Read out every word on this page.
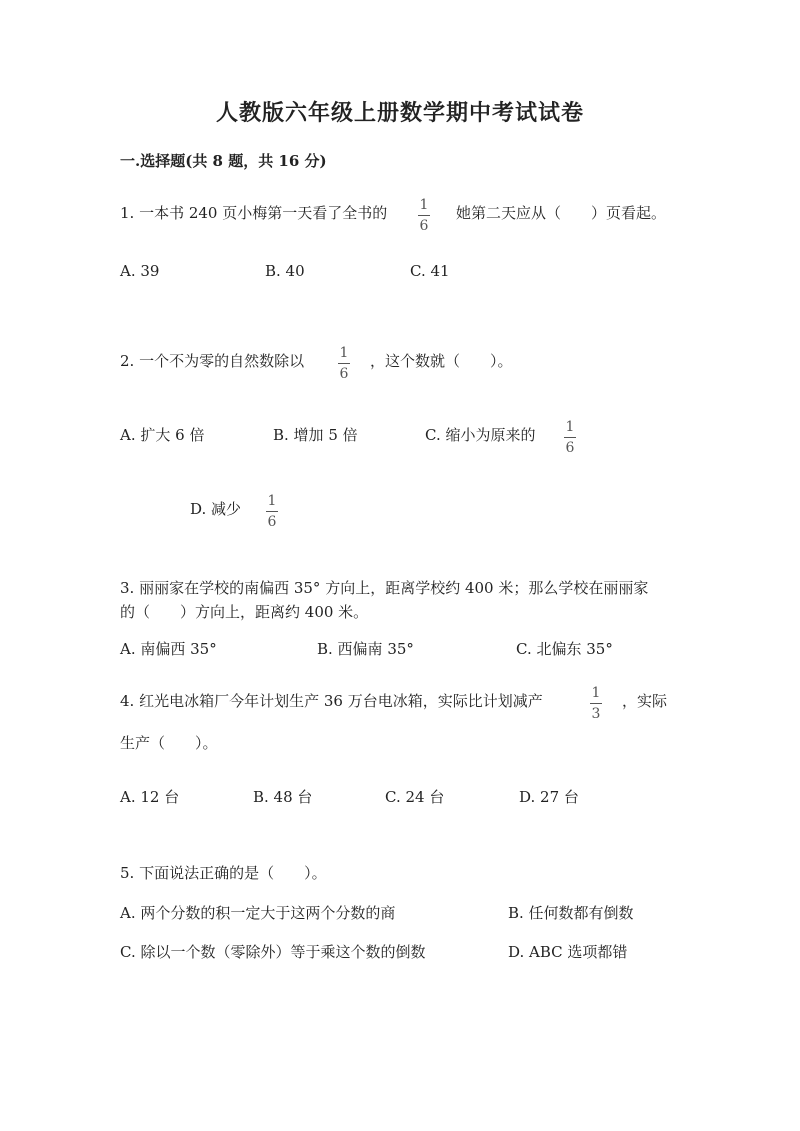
人教版六年级上册数学期中考试试卷
一.选择题(共 8 题，共 16 分)
1. 一本书 240 页小梅第一天看了全书的 1
6
她第二天应从（　　）页看起。
A. 39	B. 40	C. 41
2. 一个不为零的自然数除以	1
6
，这个数就（　　）。
A. 扩大 6 倍	B. 增加 5 倍	C. 缩小为原来的 1
6
D. 减少 1
6
3. 丽丽家在学校的南偏西 35° 方向上，距离学校约 400 米；那么学校在丽丽家
的（　　）方向上，距离约 400 米。
A. 南偏西 35°	B. 西偏南 35°	C. 北偏东 35°
4. 红光电冰箱厂今年计划生产 36 万台电冰箱，实际比计划减产	1
3
，实际
生产（　　）。
A. 12 台	B. 48 台	C. 24 台	D. 27 台
5. 下面说法正确的是（　　）。
A. 两个分数的积一定大于这两个分数的商	B. 任何数都有倒数
C. 除以一个数（零除外）等于乘这个数的倒数	D. ABC 选项都错
